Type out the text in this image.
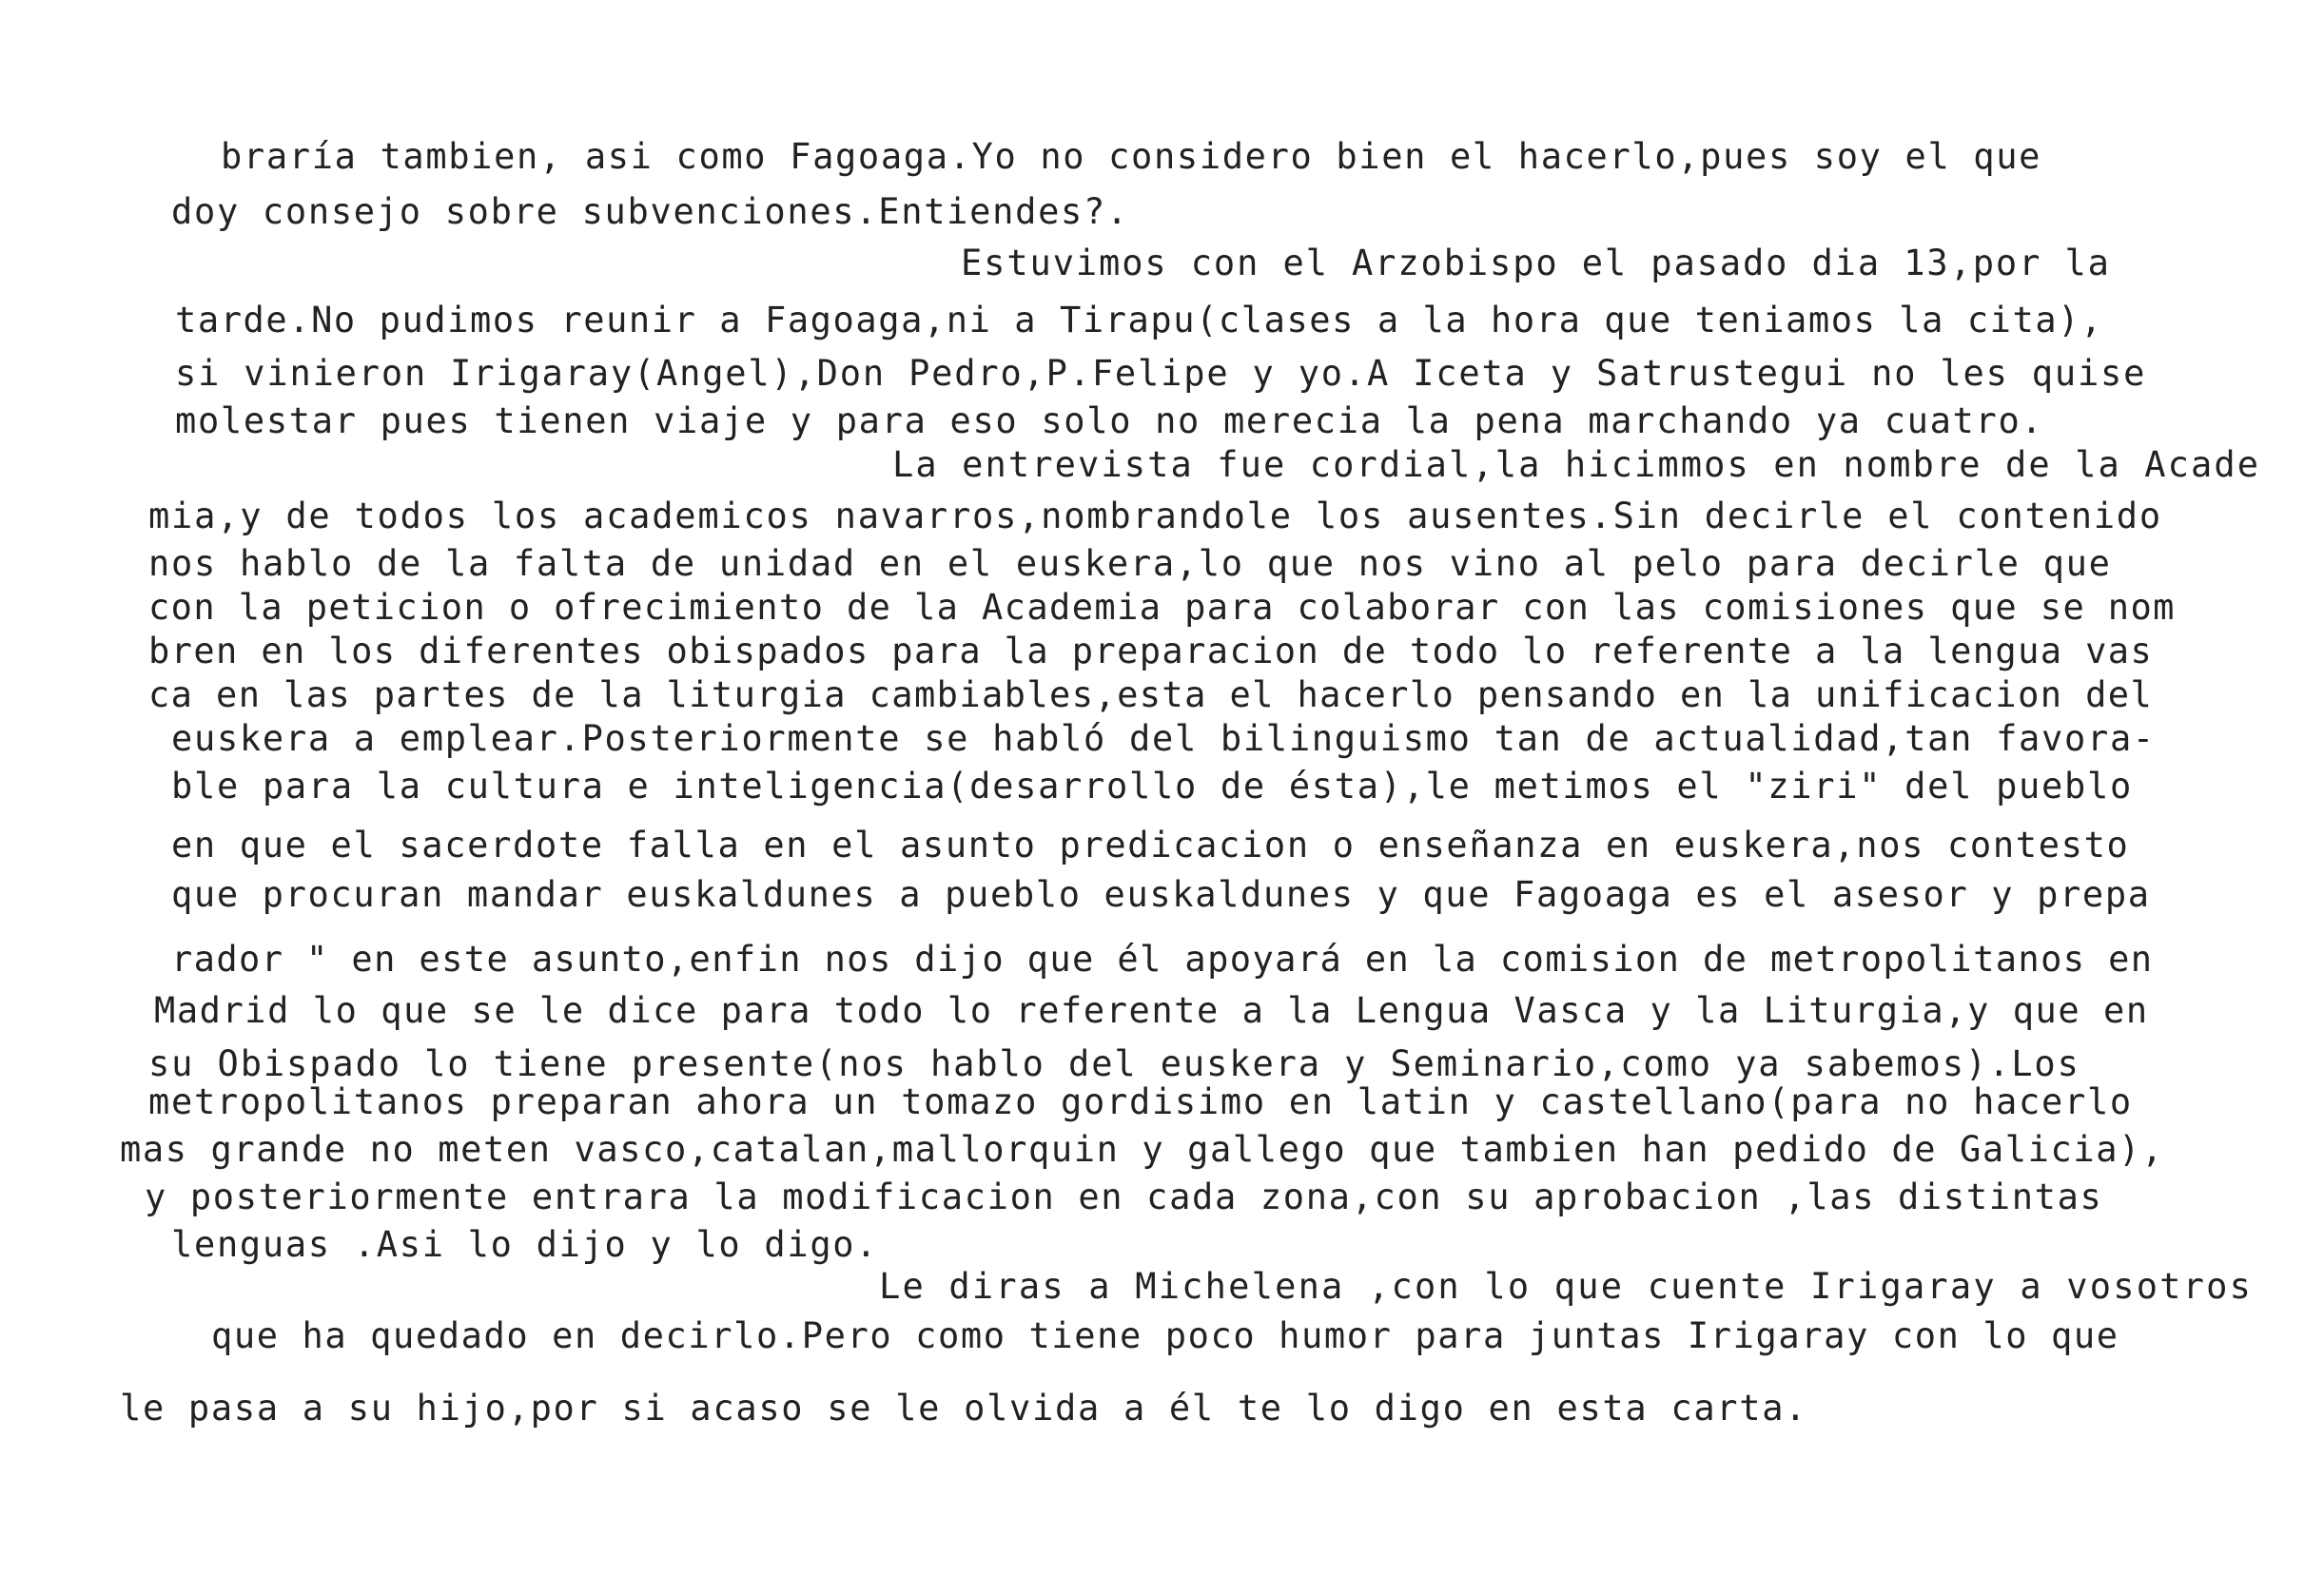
braría tambien, asi como Fagoaga.Yo no considero bien el hacerlo,pues soy el que
doy consejo sobre subvenciones.Entiendes?.
Estuvimos con el Arzobispo el pasado dia 13,por la
tarde.No pudimos reunir a Fagoaga,ni a Tirapu(clases a la hora que teniamos la cita),
si vinieron Irigaray(Angel),Don Pedro,P.Felipe y yo.A Iceta y Satrustegui no les quise
molestar pues tienen viaje y para eso solo no merecia la pena marchando ya cuatro.
La entrevista fue cordial,la hicimmos en nombre de la Acade
mia,y de todos los academicos navarros,nombrandole los ausentes.Sin decirle el contenido
nos hablo de la falta de unidad en el euskera,lo que nos vino al pelo para decirle que
con la peticion o ofrecimiento de la Academia para colaborar con las comisiones que se nom
bren en los diferentes obispados para la preparacion de todo lo referente a la lengua vas
ca en las partes de la liturgia cambiables,esta el hacerlo pensando en la unificacion del
euskera a emplear.Posteriormente se habló del bilinguismo tan de actualidad,tan favora-
ble para la cultura e inteligencia(desarrollo de ésta),le metimos el "ziri" del pueblo
en que el sacerdote falla en el asunto predicacion o enseñanza en euskera,nos contesto
que procuran mandar euskaldunes a pueblo euskaldunes y que Fagoaga es el asesor y prepa
rador " en este asunto,enfin nos dijo que él apoyará en la comision de metropolitanos en
Madrid lo que se le dice para todo lo referente a la Lengua Vasca y la Liturgia,y que en
su Obispado lo tiene presente(nos hablo del euskera y Seminario,como ya sabemos).Los
metropolitanos preparan ahora un tomazo gordisimo en latin y castellano(para no hacerlo
mas grande no meten vasco,catalan,mallorquin y gallego que tambien han pedido de Galicia),
y posteriormente entrara la modificacion en cada zona,con su aprobacion ,las distintas
lenguas .Asi lo dijo y lo digo.
Le diras a Michelena ,con lo que cuente Irigaray a vosotros
que ha quedado en decirlo.Pero como tiene poco humor para juntas Irigaray con lo que
le pasa a su hijo,por si acaso se le olvida a él te lo digo en esta carta.
